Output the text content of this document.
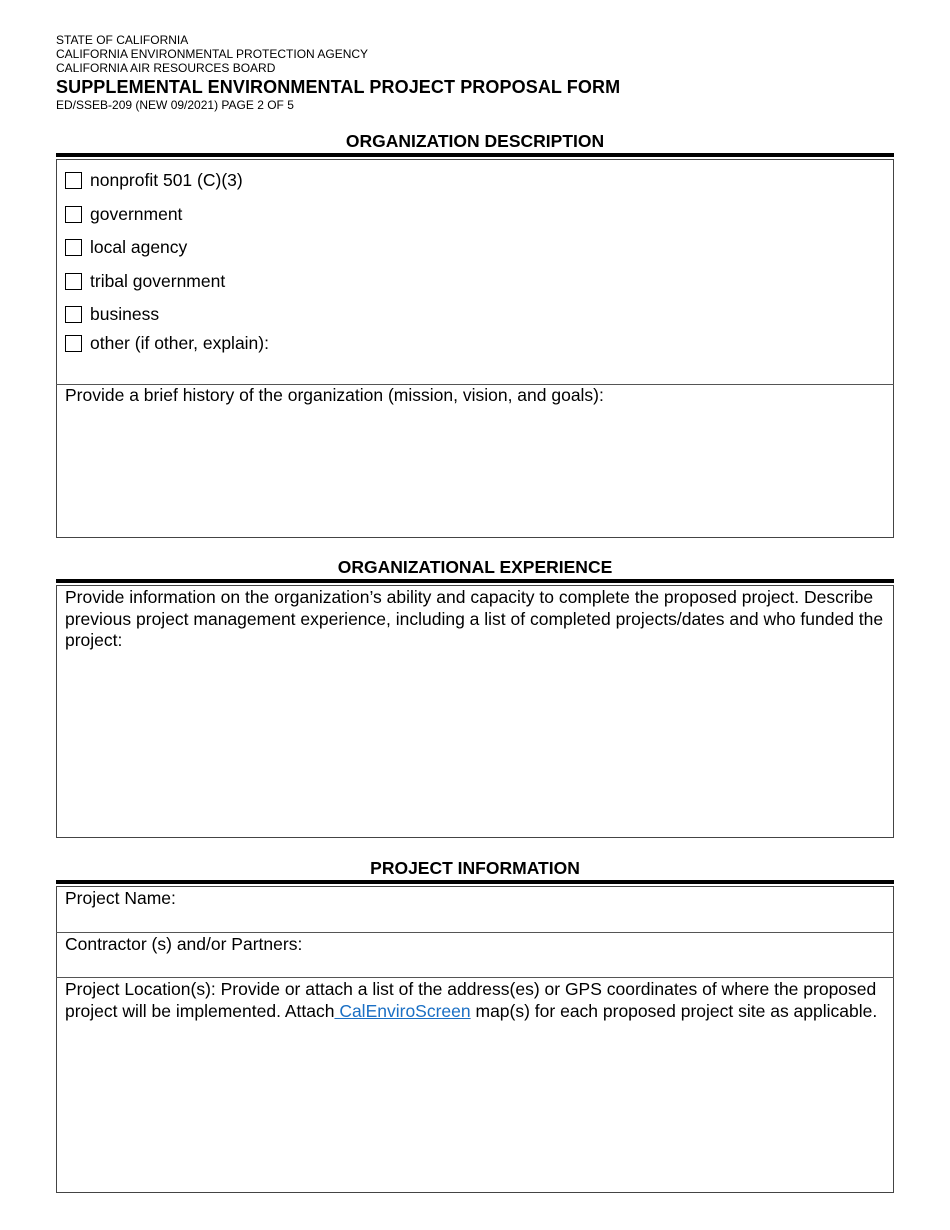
STATE OF CALIFORNIA
CALIFORNIA ENVIRONMENTAL PROTECTION AGENCY
CALIFORNIA AIR RESOURCES BOARD
SUPPLEMENTAL ENVIRONMENTAL PROJECT PROPOSAL FORM
ED/SSEB-209 (NEW 09/2021) PAGE 2 OF 5
ORGANIZATION DESCRIPTION
nonprofit 501 (C)(3)
government
local agency
tribal government
business
other (if other, explain):
Provide a brief history of the organization (mission, vision, and goals):
ORGANIZATIONAL EXPERIENCE
Provide information on the organization’s ability and capacity to complete the proposed project. Describe previous project management experience, including a list of completed projects/dates and who funded the project:
PROJECT INFORMATION
Project Name:
Contractor (s) and/or Partners:
Project Location(s): Provide or attach a list of the address(es) or GPS coordinates of where the proposed project will be implemented. Attach CalEnviroScreen map(s) for each proposed project site as applicable.
